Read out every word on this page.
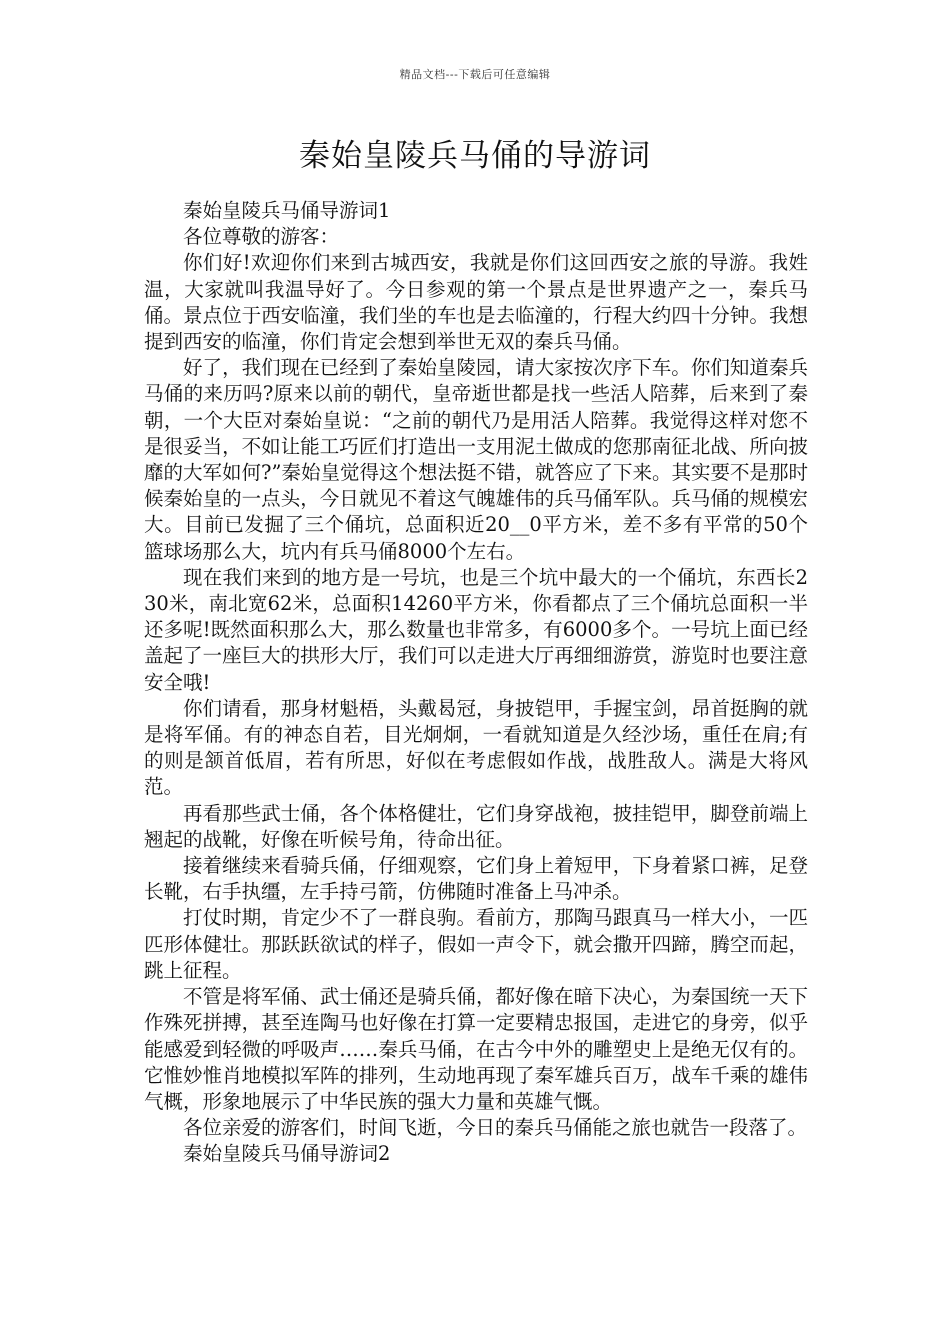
精品文档---下载后可任意编辑
秦始皇陵兵马俑的导游词

秦始皇陵兵马俑导游词1

各位尊敬的游客：

你们好!欢迎你们来到古城西安，我就是你们这回西安之旅的导游。我姓温，大家就叫我温导好了。今日参观的第一个景点是世界遗产之一，秦兵马俑。景点位于西安临潼，我们坐的车也是去临潼的，行程大约四十分钟。我想提到西安的临潼，你们肯定会想到举世无双的秦兵马俑。

好了，我们现在已经到了秦始皇陵园，请大家按次序下车。你们知道秦兵马俑的来历吗?原来以前的朝代，皇帝逝世都是找一些活人陪葬，后来到了秦朝，一个大臣对秦始皇说：“之前的朝代乃是用活人陪葬。我觉得这样对您不是很妥当，不如让能工巧匠们打造出一支用泥土做成的您那南征北战、所向披靡的大军如何?”秦始皇觉得这个想法挺不错，就答应了下来。其实要不是那时候秦始皇的一点头，今日就见不着这气魄雄伟的兵马俑军队。兵马俑的规模宏大。目前已发掘了三个俑坑，总面积近20__0平方米，差不多有平常的50个篮球场那么大，坑内有兵马俑8000个左右。

现在我们来到的地方是一号坑，也是三个坑中最大的一个俑坑，东西长230米，南北宽62米，总面积14260平方米，你看都点了三个俑坑总面积一半还多呢!既然面积那么大，那么数量也非常多，有6000多个。一号坑上面已经盖起了一座巨大的拱形大厅，我们可以走进大厅再细细游赏，游览时也要注意安全哦!

你们请看，那身材魁梧，头戴曷冠，身披铠甲，手握宝剑，昂首挺胸的就是将军俑。有的神态自若，目光炯炯，一看就知道是久经沙场，重任在肩;有的则是颔首低眉，若有所思，好似在考虑假如作战，战胜敌人。满是大将风范。

再看那些武士俑，各个体格健壮，它们身穿战袍，披挂铠甲，脚登前端上翘起的战靴，好像在听候号角，待命出征。

接着继续来看骑兵俑，仔细观察，它们身上着短甲，下身着紧口裤，足登长靴，右手执缰，左手持弓箭，仿佛随时准备上马冲杀。

打仗时期，肯定少不了一群良驹。看前方，那陶马跟真马一样大小，一匹匹形体健壮。那跃跃欲试的样子，假如一声令下，就会撒开四蹄，腾空而起，跳上征程。

不管是将军俑、武士俑还是骑兵俑，都好像在暗下决心，为秦国统一天下作殊死拼搏，甚至连陶马也好像在打算一定要精忠报国，走进它的身旁，似乎能感爱到轻微的呼吸声……秦兵马俑，在古今中外的雕塑史上是绝无仅有的。它惟妙惟肖地模拟军阵的排列，生动地再现了秦军雄兵百万，战车千乘的雄伟气概，形象地展示了中华民族的强大力量和英雄气慨。

各位亲爱的游客们，时间飞逝，今日的秦兵马俑能之旅也就告一段落了。

秦始皇陵兵马俑导游词2
